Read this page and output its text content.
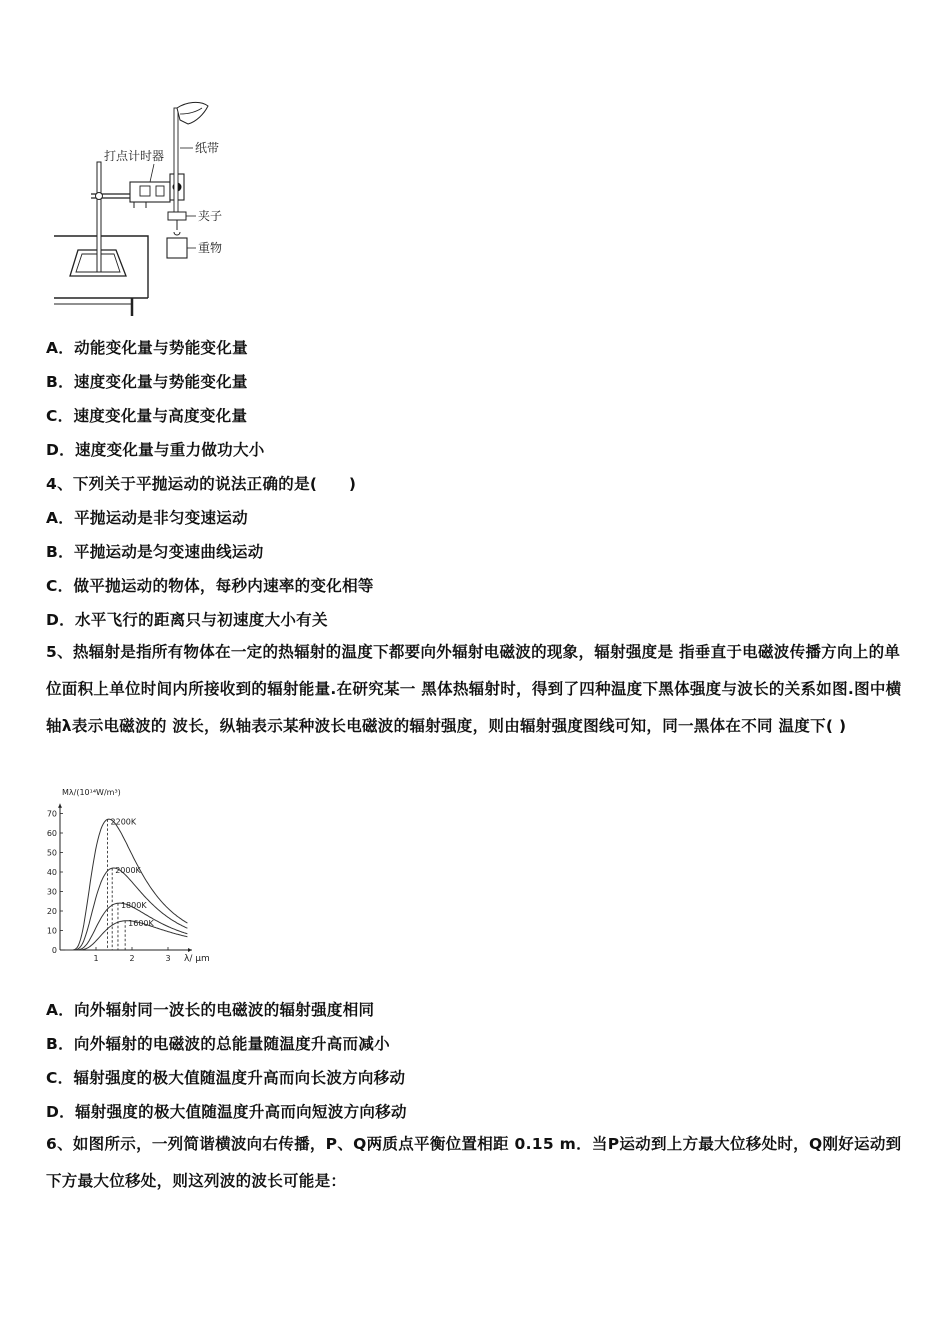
打点计时器
纸带
夹子
重物
A．动能变化量与势能变化量
B．速度变化量与势能变化量
C．速度变化量与高度变化量
D．速度变化量与重力做功大小
4、下列关于平抛运动的说法正确的是(　　)
A．平抛运动是非匀变速运动
B．平抛运动是匀变速曲线运动
C．做平抛运动的物体，每秒内速率的变化相等
D．水平飞行的距离只与初速度大小有关
5、热辐射是指所有物体在一定的热辐射的温度下都要向外辐射电磁波的现象，辐射强度是 指垂直于电磁波传播方向上的单位面积上单位时间内所接收到的辐射能量.在研究某一 黑体热辐射时，得到了四种温度下黑体强度与波长的关系如图.图中横轴λ表示电磁波的 波长，纵轴表示某种波长电磁波的辐射强度，则由辐射强度图线可知，同一黑体在不同 温度下( )
Mλ/(10¹⁴W/m³)
λ/ μm
0
10
20
30
40
50
60
70
1	2	3
2200K
2000K
1800K
1600K
A．向外辐射同一波长的电磁波的辐射强度相同
B．向外辐射的电磁波的总能量随温度升高而减小
C．辐射强度的极大值随温度升高而向长波方向移动
D．辐射强度的极大值随温度升高而向短波方向移动
6、如图所示，一列简谐横波向右传播，P、Q两质点平衡位置相距 0.15 m．当P运动到上方最大位移处时，Q刚好运动到下方最大位移处，则这列波的波长可能是：
